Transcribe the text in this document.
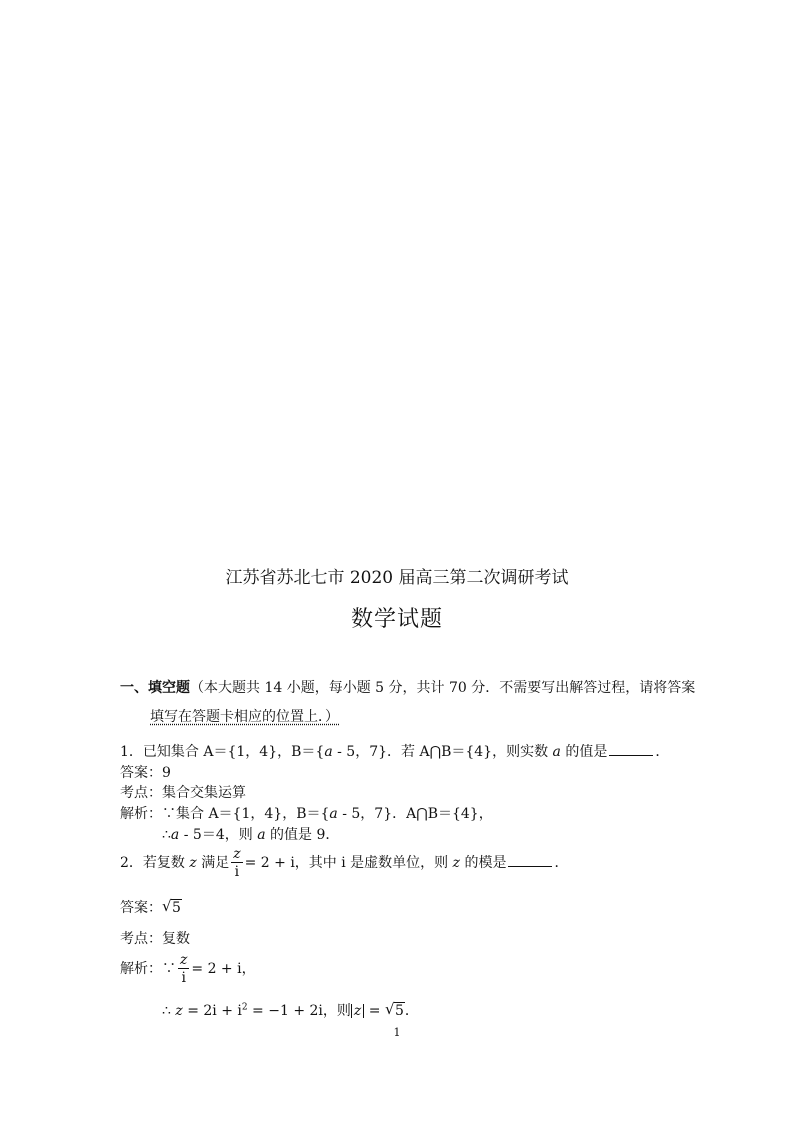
江苏省苏北七市 2020 届高三第二次调研考试
数学试题
一、填空题（本大题共 14 小题，每小题 5 分，共计 70 分．不需要写出解答过程，请将答案
填写在答题卡相应的位置上．）
1．已知集合 A＝{1，4}，B＝{a - 5，7}．若 A⋂B＝{4}，则实数 a 的值是	．
答案：9
考点：集合交集运算
解析：∵集合 A＝{1，4}，B＝{a - 5，7}．A⋂B＝{4}，
∴a - 5＝4，则 a 的值是 9．
2．若复数 z 满足 $\frac{z}{i} = 2 + i$，其中 i 是虚数单位，则 z 的模是	．
答案： √ 5
考点：复数
解析：∵ $\frac{z}{i} = 2 + i$，
∴ $z = 2i + i^2 = -1 + 2i$，则 z = √ 5．
1
